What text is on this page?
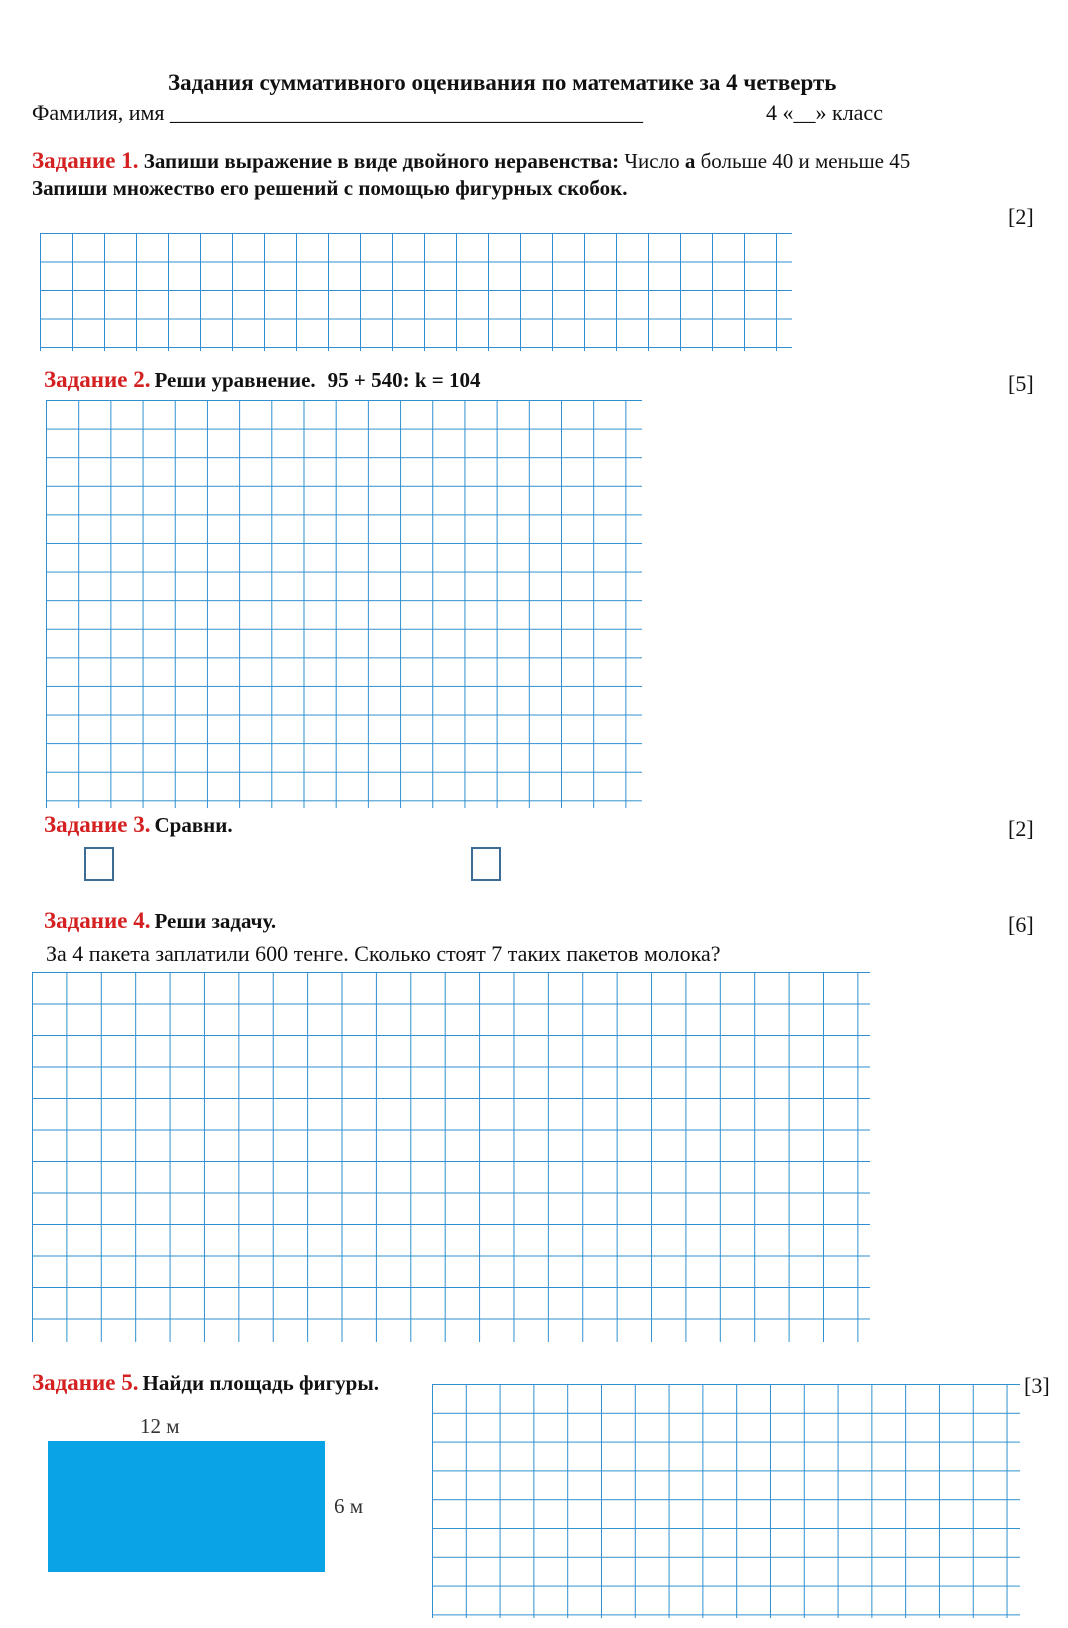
Задания суммативного оценивания по математике за 4 четверть
Фамилия, имя ___________________________________________	4 «__» класс
Задание 1. Запиши выражение в виде двойного неравенства: Число а больше 40 и меньше 45
Запиши множество его решений с помощью фигурных скобок.
[2]
Задание 2. Реши уравнение. 95 + 540: k = 104	[5]
Задание 3. Сравни.	[2]
Задание 4. Реши задачу.	[6]
За 4 пакета заплатили 600 тенге. Сколько стоят 7 таких пакетов молока?
Задание 5. Найди площадь фигуры.	[3]
12 м
6 м
